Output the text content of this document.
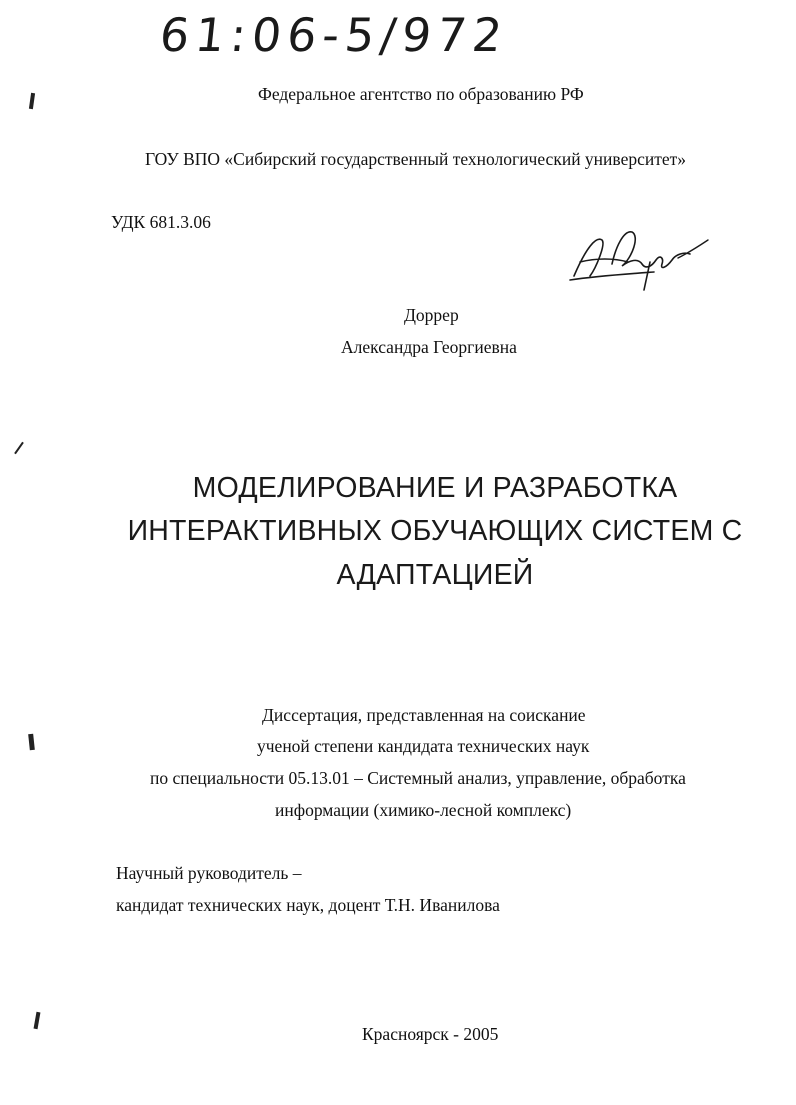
61:06-5/972
Федеральное агентство по образованию РФ
ГОУ ВПО «Сибирский государственный технологический университет»
УДК 681.3.06
Доррер
Александра Георгиевна
МОДЕЛИРОВАНИЕ И РАЗРАБОТКА
ИНТЕРАКТИВНЫХ ОБУЧАЮЩИХ СИСТЕМ С
АДАПТАЦИЕЙ
Диссертация, представленная на соискание
ученой степени кандидата технических наук
по специальности 05.13.01 – Системный анализ, управление, обработка
информации (химико-лесной комплекс)
Научный руководитель –
кандидат технических наук, доцент Т.Н. Иванилова
Красноярск - 2005
